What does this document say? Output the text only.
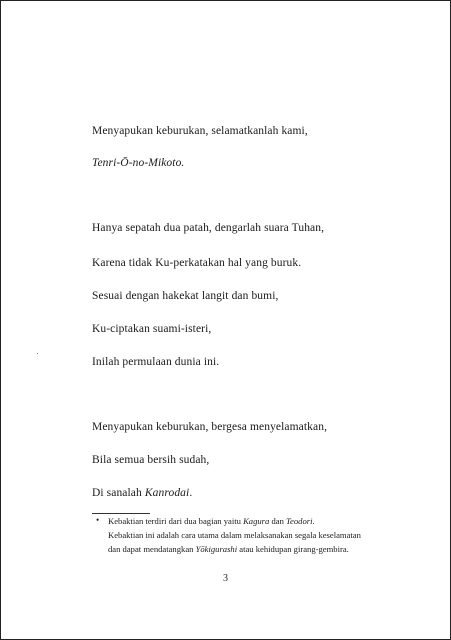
Menyapukan keburukan, selamatkanlah kami,
Tenri-Ō-no-Mikoto.
Hanya sepatah dua patah, dengarlah suara Tuhan,
Karena tidak Ku-perkatakan hal yang buruk.
Sesuai dengan hakekat langit dan bumi,
Ku-ciptakan suami-isteri,
Inilah permulaan dunia ini.
Menyapukan keburukan, bergesa menyelamatkan,
Bila semua bersih sudah,
Di sanalah Kanrodai.
• Kebaktian terdiri dari dua bagian yaitu Kagura dan Teodori.
Kebaktian ini adalah cara utama dalam melaksanakan segala keselamatan
dan dapat mendatangkan Yōkigurashi atau kehidupan girang-gembira.
3
